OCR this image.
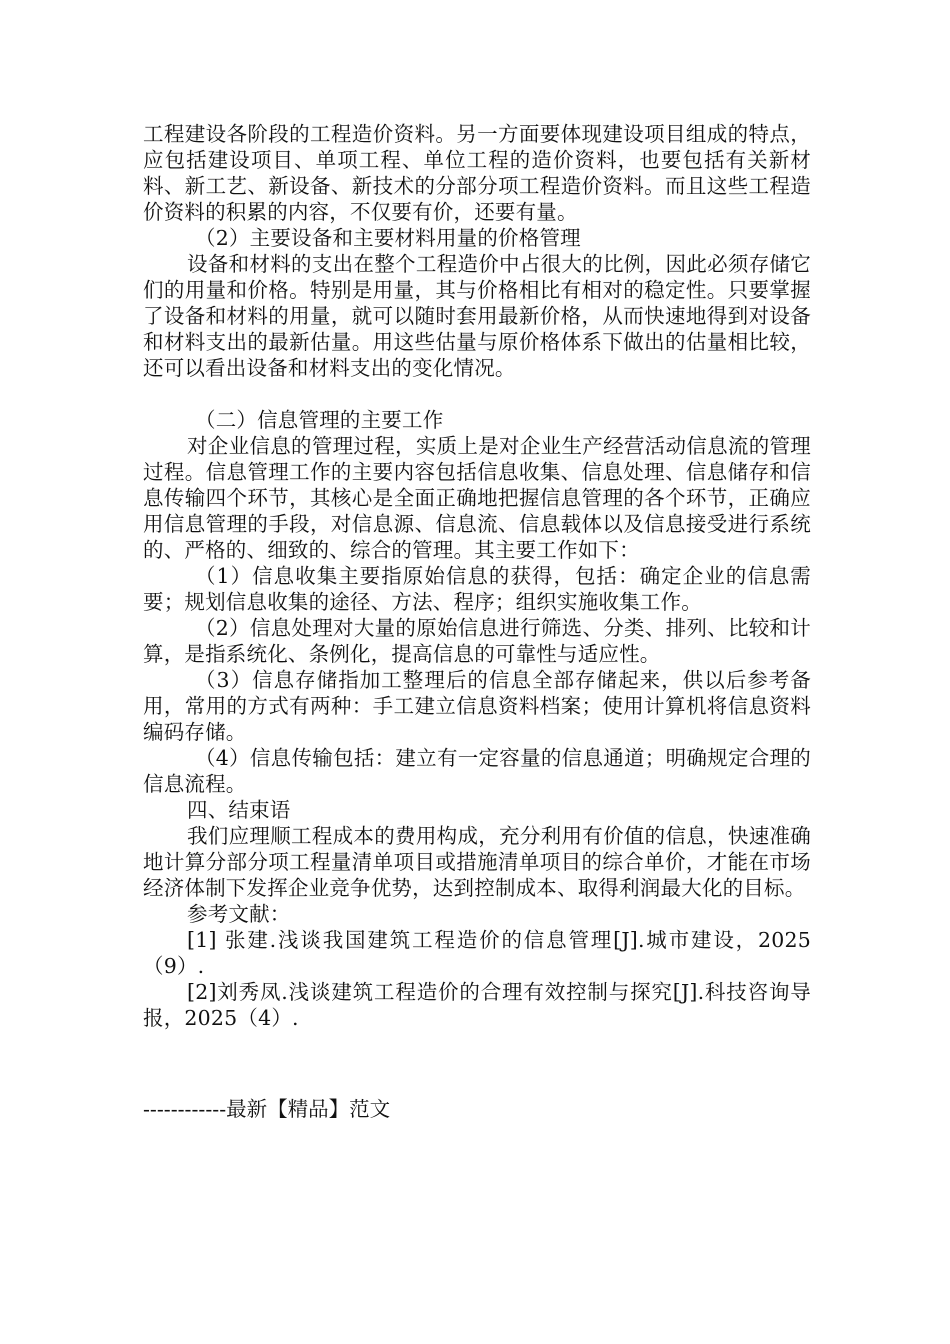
工程建设各阶段的工程造价资料。另一方面要体现建设项目组成的特点，应包括建设项目、单项工程、单位工程的造价资料，也要包括有关新材料、新工艺、新设备、新技术的分部分项工程造价资料。而且这些工程造价资料的积累的内容，不仅要有价，还要有量。

（2）主要设备和主要材料用量的价格管理

设备和材料的支出在整个工程造价中占很大的比例，因此必须存储它们的用量和价格。特别是用量，其与价格相比有相对的稳定性。只要掌握了设备和材料的用量，就可以随时套用最新价格，从而快速地得到对设备和材料支出的最新估量。用这些估量与原价格体系下做出的估量相比较，还可以看出设备和材料支出的变化情况。

（二）信息管理的主要工作

对企业信息的管理过程，实质上是对企业生产经营活动信息流的管理过程。信息管理工作的主要内容包括信息收集、信息处理、信息储存和信息传输四个环节，其核心是全面正确地把握信息管理的各个环节，正确应用信息管理的手段，对信息源、信息流、信息载体以及信息接受进行系统的、严格的、细致的、综合的管理。其主要工作如下：

（1）信息收集主要指原始信息的获得，包括：确定企业的信息需要；规划信息收集的途径、方法、程序；组织实施收集工作。

（2）信息处理对大量的原始信息进行筛选、分类、排列、比较和计算，是指系统化、条例化，提高信息的可靠性与适应性。

（3）信息存储指加工整理后的信息全部存储起来，供以后参考备用，常用的方式有两种：手工建立信息资料档案；使用计算机将信息资料编码存储。

（4）信息传输包括：建立有一定容量的信息通道；明确规定合理的信息流程。

四、结束语

我们应理顺工程成本的费用构成，充分利用有价值的信息，快速准确地计算分部分项工程量清单项目或措施清单项目的综合单价，才能在市场经济体制下发挥企业竞争优势，达到控制成本、取得利润最大化的目标。

参考文献：

[1] 张建.浅谈我国建筑工程造价的信息管理[J].城市建设，2025（9）.

[2]刘秀凤.浅谈建筑工程造价的合理有效控制与探究[J].科技咨询导报，2025（4）.

------------最新【精品】范文
